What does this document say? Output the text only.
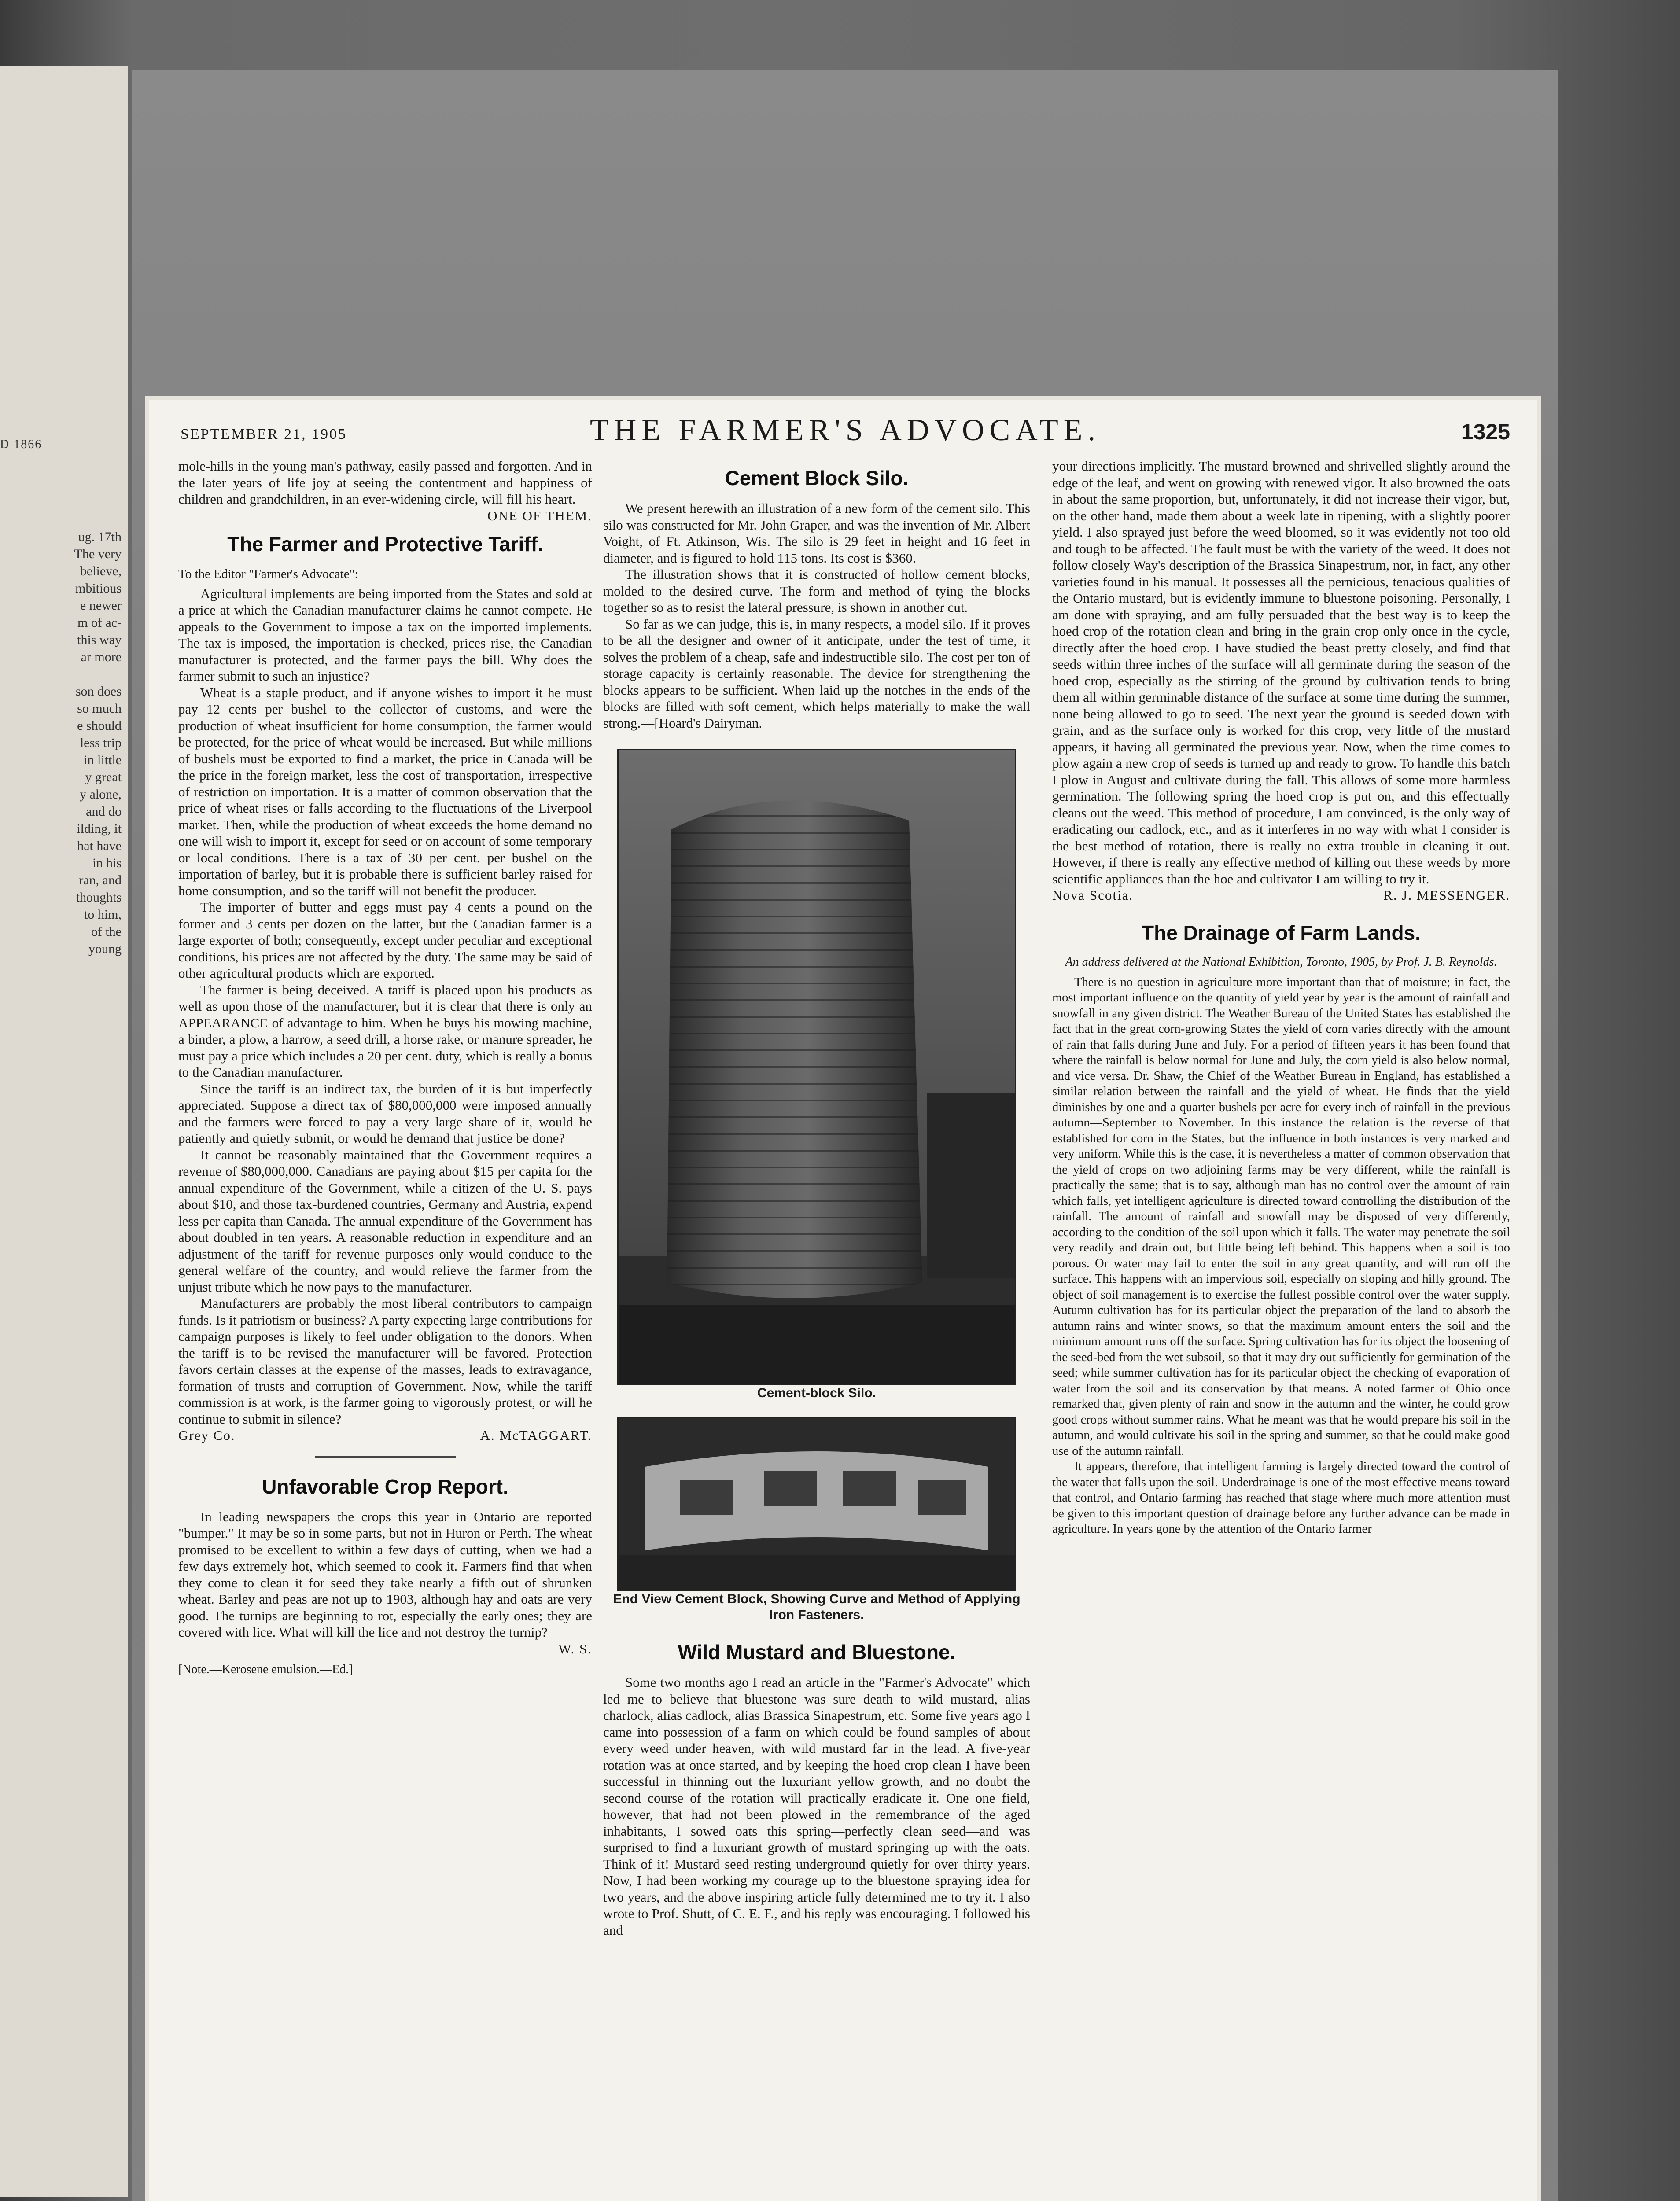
D 1866
ug. 17th
The very
believe,
mbitious
e newer
m of ac-
this way
ar more

son does
so much
e should
less trip
in little
y great
y alone,
and do
ilding, it
hat have
in his
ran, and
thoughts
to him,
of the
young
SEPTEMBER 21, 1905	THE FARMER'S ADVOCATE.	1325

mole-hills in the young man's pathway, easily passed and forgotten. And in the later years of life joy at seeing the contentment and happiness of children and grandchildren, in an ever-widening circle, will fill his heart.

ONE OF THEM.

The Farmer and Protective Tariff.

To the Editor "Farmer's Advocate":

Agricultural implements are being imported from the States and sold at a price at which the Canadian manufacturer claims he cannot compete. He appeals to the Government to impose a tax on the imported implements. The tax is imposed, the importation is checked, prices rise, the Canadian manufacturer is protected, and the farmer pays the bill. Why does the farmer submit to such an injustice?

Wheat is a staple product, and if anyone wishes to import it he must pay 12 cents per bushel to the collector of customs, and were the production of wheat insufficient for home consumption, the farmer would be protected, for the price of wheat would be increased. But while millions of bushels must be exported to find a market, the price in Canada will be the price in the foreign market, less the cost of transportation, irrespective of restriction on importation. It is a matter of common observation that the price of wheat rises or falls according to the fluctuations of the Liverpool market. Then, while the production of wheat exceeds the home demand no one will wish to import it, except for seed or on account of some temporary or local conditions. There is a tax of 30 per cent. per bushel on the importation of barley, but it is probable there is sufficient barley raised for home consumption, and so the tariff will not benefit the producer.

The importer of butter and eggs must pay 4 cents a pound on the former and 3 cents per dozen on the latter, but the Canadian farmer is a large exporter of both; consequently, except under peculiar and exceptional conditions, his prices are not affected by the duty. The same may be said of other agricultural products which are exported.

The farmer is being deceived. A tariff is placed upon his products as well as upon those of the manufacturer, but it is clear that there is only an APPEARANCE of advantage to him. When he buys his mowing machine, a binder, a plow, a harrow, a seed drill, a horse rake, or manure spreader, he must pay a price which includes a 20 per cent. duty, which is really a bonus to the Canadian manufacturer.

Since the tariff is an indirect tax, the burden of it is but imperfectly appreciated. Suppose a direct tax of $80,000,000 were imposed annually and the farmers were forced to pay a very large share of it, would he patiently and quietly submit, or would he demand that justice be done?

It cannot be reasonably maintained that the Government requires a revenue of $80,000,000. Canadians are paying about $15 per capita for the annual expenditure of the Government, while a citizen of the U. S. pays about $10, and those tax-burdened countries, Germany and Austria, expend less per capita than Canada. The annual expenditure of the Government has about doubled in ten years. A reasonable reduction in expenditure and an adjustment of the tariff for revenue purposes only would conduce to the general welfare of the country, and would relieve the farmer from the unjust tribute which he now pays to the manufacturer.

Manufacturers are probably the most liberal contributors to campaign funds. Is it patriotism or business? A party expecting large contributions for campaign purposes is likely to feel under obligation to the donors. When the tariff is to be revised the manufacturer will be favored. Protection favors certain classes at the expense of the masses, leads to extravagance, formation of trusts and corruption of Government. Now, while the tariff commission is at work, is the farmer going to vigorously protest, or will he continue to submit in silence?

Grey Co.	A. McTAGGART.
Unfavorable Crop Report.

In leading newspapers the crops this year in Ontario are reported "bumper." It may be so in some parts, but not in Huron or Perth. The wheat promised to be excellent to within a few days of cutting, when we had a few days extremely hot, which seemed to cook it. Farmers find that when they come to clean it for seed they take nearly a fifth out of shrunken wheat. Barley and peas are not up to 1903, although hay and oats are very good. The turnips are beginning to rot, especially the early ones; they are covered with lice. What will kill the lice and not destroy the turnip?

W. S.

[Note.—Kerosene emulsion.—Ed.]

Cement Block Silo.

We present herewith an illustration of a new form of the cement silo. This silo was constructed for Mr. John Graper, and was the invention of Mr. Albert Voight, of Ft. Atkinson, Wis. The silo is 29 feet in height and 16 feet in diameter, and is figured to hold 115 tons. Its cost is $360.

The illustration shows that it is constructed of hollow cement blocks, molded to the desired curve. The form and method of tying the blocks together so as to resist the lateral pressure, is shown in another cut.

So far as we can judge, this is, in many respects, a model silo. If it proves to be all the designer and owner of it anticipate, under the test of time, it solves the problem of a cheap, safe and indestructible silo. The cost per ton of storage capacity is certainly reasonable. The device for strengthening the blocks appears to be sufficient. When laid up the notches in the ends of the blocks are filled with soft cement, which helps materially to make the wall strong.—[Hoard's Dairyman.

Cement-block Silo.

End View Cement Block, Showing Curve and Method of Applying Iron Fasteners.

Wild Mustard and Bluestone.

Some two months ago I read an article in the "Farmer's Advocate" which led me to believe that bluestone was sure death to wild mustard, alias charlock, alias cadlock, alias Brassica Sinapestrum, etc. Some five years ago I came into possession of a farm on which could be found samples of about every weed under heaven, with wild mustard far in the lead. A five-year rotation was at once started, and by keeping the hoed crop clean I have been successful in thinning out the luxuriant yellow growth, and no doubt the second course of the rotation will practically eradicate it. One one field, however, that had not been plowed in the remembrance of the aged inhabitants, I sowed oats this spring—perfectly clean seed—and was surprised to find a luxuriant growth of mustard springing up with the oats. Think of it! Mustard seed resting underground quietly for over thirty years. Now, I had been working my courage up to the bluestone spraying idea for two years, and the above inspiring article fully determined me to try it. I also wrote to Prof. Shutt, of C. E. F., and his reply was encouraging. I followed his and

your directions implicitly. The mustard browned and shrivelled slightly around the edge of the leaf, and went on growing with renewed vigor. It also browned the oats in about the same proportion, but, unfortunately, it did not increase their vigor, but, on the other hand, made them about a week late in ripening, with a slightly poorer yield. I also sprayed just before the weed bloomed, so it was evidently not too old and tough to be affected. The fault must be with the variety of the weed. It does not follow closely Way's description of the Brassica Sinapestrum, nor, in fact, any other varieties found in his manual. It possesses all the pernicious, tenacious qualities of the Ontario mustard, but is evidently immune to bluestone poisoning. Personally, I am done with spraying, and am fully persuaded that the best way is to keep the hoed crop of the rotation clean and bring in the grain crop only once in the cycle, directly after the hoed crop. I have studied the beast pretty closely, and find that seeds within three inches of the surface will all germinate during the season of the hoed crop, especially as the stirring of the ground by cultivation tends to bring them all within germinable distance of the surface at some time during the summer, none being allowed to go to seed. The next year the ground is seeded down with grain, and as the surface only is worked for this crop, very little of the mustard appears, it having all germinated the previous year. Now, when the time comes to plow again a new crop of seeds is turned up and ready to grow. To handle this batch I plow in August and cultivate during the fall. This allows of some more harmless germination. The following spring the hoed crop is put on, and this effectually cleans out the weed. This method of procedure, I am convinced, is the only way of eradicating our cadlock, etc., and as it interferes in no way with what I consider is the best method of rotation, there is really no extra trouble in cleaning it out. However, if there is really any effective method of killing out these weeds by more scientific appliances than the hoe and cultivator I am willing to try it.

Nova Scotia.	R. J. MESSENGER.
The Drainage of Farm Lands.

An address delivered at the National Exhibition, Toronto, 1905, by Prof. J. B. Reynolds.

There is no question in agriculture more important than that of moisture; in fact, the most important influence on the quantity of yield year by year is the amount of rainfall and snowfall in any given district. The Weather Bureau of the United States has established the fact that in the great corn-growing States the yield of corn varies directly with the amount of rain that falls during June and July. For a period of fifteen years it has been found that where the rainfall is below normal for June and July, the corn yield is also below normal, and vice versa. Dr. Shaw, the Chief of the Weather Bureau in England, has established a similar relation between the rainfall and the yield of wheat. He finds that the yield diminishes by one and a quarter bushels per acre for every inch of rainfall in the previous autumn—September to November. In this instance the relation is the reverse of that established for corn in the States, but the influence in both instances is very marked and very uniform. While this is the case, it is nevertheless a matter of common observation that the yield of crops on two adjoining farms may be very different, while the rainfall is practically the same; that is to say, although man has no control over the amount of rain which falls, yet intelligent agriculture is directed toward controlling the distribution of the rainfall. The amount of rainfall and snowfall may be disposed of very differently, according to the condition of the soil upon which it falls. The water may penetrate the soil very readily and drain out, but little being left behind. This happens when a soil is too porous. Or water may fail to enter the soil in any great quantity, and will run off the surface. This happens with an impervious soil, especially on sloping and hilly ground. The object of soil management is to exercise the fullest possible control over the water supply. Autumn cultivation has for its particular object the preparation of the land to absorb the autumn rains and winter snows, so that the maximum amount enters the soil and the minimum amount runs off the surface. Spring cultivation has for its object the loosening of the seed-bed from the wet subsoil, so that it may dry out sufficiently for germination of the seed; while summer cultivation has for its particular object the checking of evaporation of water from the soil and its conservation by that means. A noted farmer of Ohio once remarked that, given plenty of rain and snow in the autumn and the winter, he could grow good crops without summer rains. What he meant was that he would prepare his soil in the autumn, and would cultivate his soil in the spring and summer, so that he could make good use of the autumn rainfall.

It appears, therefore, that intelligent farming is largely directed toward the control of the water that falls upon the soil. Underdrainage is one of the most effective means toward that control, and Ontario farming has reached that stage where much more attention must be given to this important question of drainage before any further advance can be made in agriculture. In years gone by the attention of the Ontario farmer
